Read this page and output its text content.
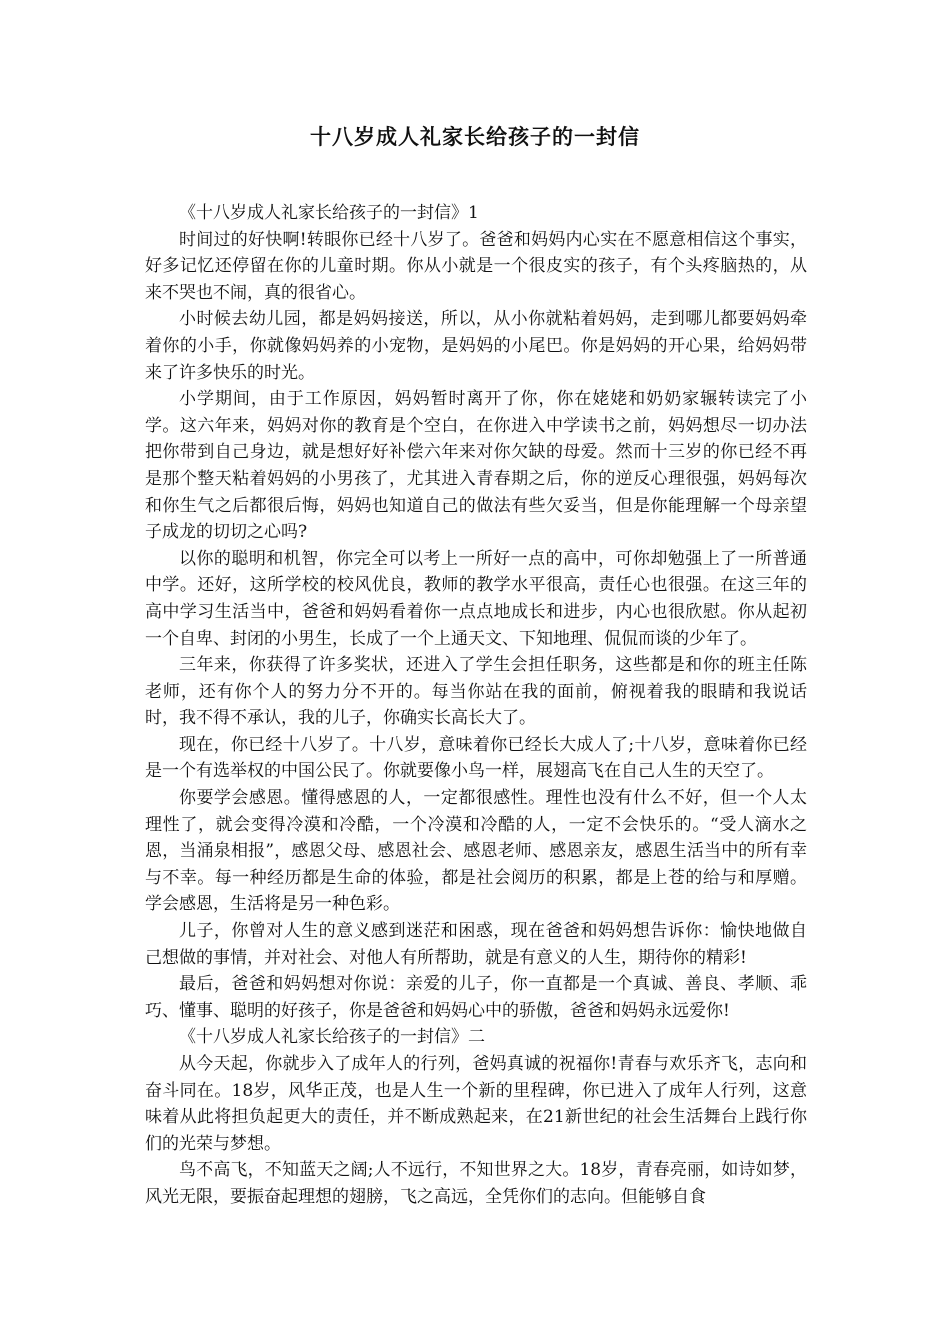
十八岁成人礼家长给孩子的一封信

《十八岁成人礼家长给孩子的一封信》1

时间过的好快啊!转眼你已经十八岁了。爸爸和妈妈内心实在不愿意相信这个事实，好多记忆还停留在你的儿童时期。你从小就是一个很皮实的孩子，有个头疼脑热的，从来不哭也不闹，真的很省心。

小时候去幼儿园，都是妈妈接送，所以，从小你就粘着妈妈，走到哪儿都要妈妈牵着你的小手，你就像妈妈养的小宠物，是妈妈的小尾巴。你是妈妈的开心果，给妈妈带来了许多快乐的时光。

小学期间，由于工作原因，妈妈暂时离开了你，你在姥姥和奶奶家辗转读完了小学。这六年来，妈妈对你的教育是个空白，在你进入中学读书之前，妈妈想尽一切办法把你带到自己身边，就是想好好补偿六年来对你欠缺的母爱。然而十三岁的你已经不再是那个整天粘着妈妈的小男孩了，尤其进入青春期之后，你的逆反心理很强，妈妈每次和你生气之后都很后悔，妈妈也知道自己的做法有些欠妥当，但是你能理解一个母亲望子成龙的切切之心吗?

以你的聪明和机智，你完全可以考上一所好一点的高中，可你却勉强上了一所普通中学。还好，这所学校的校风优良，教师的教学水平很高，责任心也很强。在这三年的高中学习生活当中，爸爸和妈妈看着你一点点地成长和进步，内心也很欣慰。你从起初一个自卑、封闭的小男生，长成了一个上通天文、下知地理、侃侃而谈的少年了。

三年来，你获得了许多奖状，还进入了学生会担任职务，这些都是和你的班主任陈老师，还有你个人的努力分不开的。每当你站在我的面前，俯视着我的眼睛和我说话时，我不得不承认，我的儿子，你确实长高长大了。

现在，你已经十八岁了。十八岁，意味着你已经长大成人了;十八岁，意味着你已经是一个有选举权的中国公民了。你就要像小鸟一样，展翅高飞在自己人生的天空了。

你要学会感恩。懂得感恩的人，一定都很感性。理性也没有什么不好，但一个人太理性了，就会变得冷漠和冷酷，一个冷漠和冷酷的人，一定不会快乐的。“受人滴水之恩，当涌泉相报”，感恩父母、感恩社会、感恩老师、感恩亲友，感恩生活当中的所有幸与不幸。每一种经历都是生命的体验，都是社会阅历的积累，都是上苍的给与和厚赠。学会感恩，生活将是另一种色彩。

儿子，你曾对人生的意义感到迷茫和困惑，现在爸爸和妈妈想告诉你：愉快地做自己想做的事情，并对社会、对他人有所帮助，就是有意义的人生，期待你的精彩!

最后，爸爸和妈妈想对你说：亲爱的儿子，你一直都是一个真诚、善良、孝顺、乖巧、懂事、聪明的好孩子，你是爸爸和妈妈心中的骄傲，爸爸和妈妈永远爱你!

《十八岁成人礼家长给孩子的一封信》二

从今天起，你就步入了成年人的行列，爸妈真诚的祝福你!青春与欢乐齐飞，志向和奋斗同在。18岁，风华正茂，也是人生一个新的里程碑，你已进入了成年人行列，这意味着从此将担负起更大的责任，并不断成熟起来，在21新世纪的社会生活舞台上践行你们的光荣与梦想。

鸟不高飞，不知蓝天之阔;人不远行，不知世界之大。18岁，青春亮丽，如诗如梦，风光无限，要振奋起理想的翅膀，飞之高远，全凭你们的志向。但能够自食
